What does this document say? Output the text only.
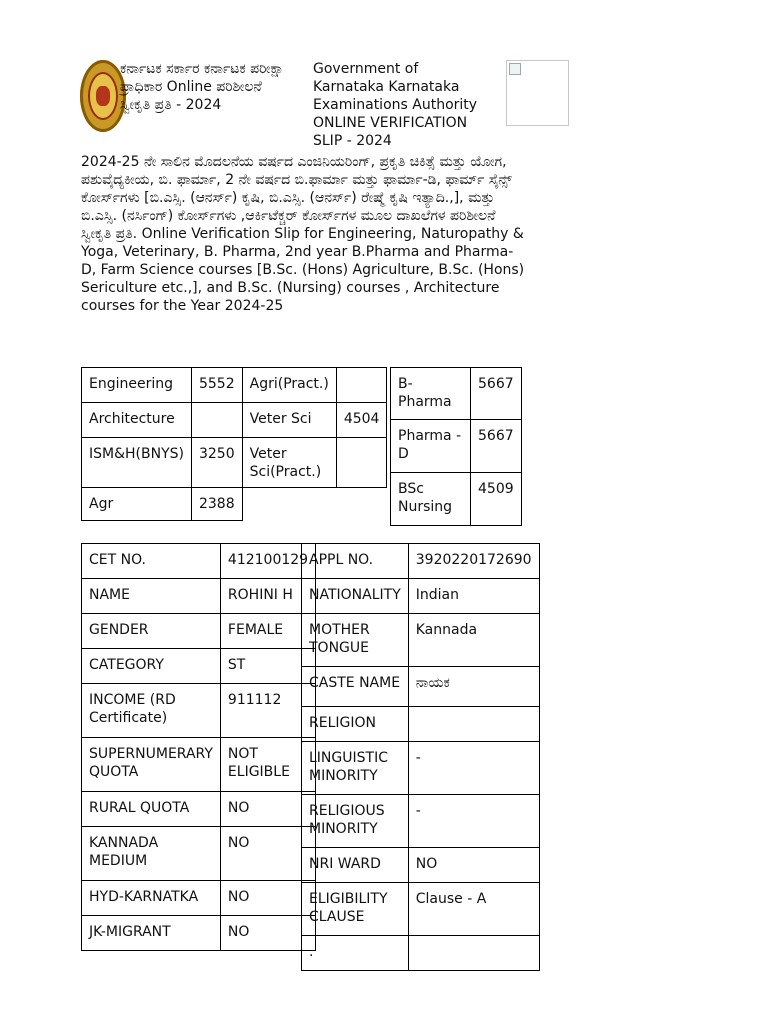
ಕರ್ನಾಟಕ ಸರ್ಕಾರ ಕರ್ನಾಟಕ ಪರೀಕ್ಷಾ ಪ್ರಾಧಿಕಾರ Online ಪರಿಶೀಲನೆ ಸ್ವೀಕೃತಿ ಪ್ರತಿ - 2024
Government of Karnataka Karnataka Examinations Authority ONLINE VERIFICATION SLIP - 2024
2024-25 ನೇ ಸಾಲಿನ ಮೊದಲನೆಯ ವರ್ಷದ ಎಂಜಿನಿಯರಿಂಗ್, ಪ್ರಕೃತಿ ಚಿಕಿತ್ಸೆ ಮತ್ತು ಯೋಗ, ಪಶುವೈದ್ಯಕೀಯ, ಬಿ. ಫಾರ್ಮಾ, 2 ನೇ ವರ್ಷದ ಬಿ.ಫಾರ್ಮಾ ಮತ್ತು ಫಾರ್ಮಾ-ಡಿ, ಫಾರ್ಮ್ ಸೈನ್ಸ್ ಕೋರ್ಸ್‌ಗಳು [ಬಿ.ಎಸ್ಸಿ. (ಆನರ್ಸ್) ಕೃಷಿ, ಬಿ.ಎಸ್ಸಿ. (ಆನರ್ಸ್) ರೇಷ್ಮೆ ಕೃಷಿ ಇತ್ಯಾದಿ.,], ಮತ್ತು ಬಿ.ಎಸ್ಸಿ. (ನರ್ಸಿಂಗ್) ಕೋರ್ಸ್‌ಗಳು ,ಆರ್ಕಿಟೆಕ್ಚರ್ ಕೋರ್ಸ್‌ಗಳ ಮೂಲ ದಾಖಲೆಗಳ ಪರಿಶೀಲನೆ ಸ್ವೀಕೃತಿ ಪ್ರತಿ. Online Verification Slip for Engineering, Naturopathy & Yoga, Veterinary, B. Pharma, 2nd year B.Pharma and Pharma-D, Farm Science courses [B.Sc. (Hons) Agriculture, B.Sc. (Hons) Sericulture etc.,], and B.Sc. (Nursing) courses , Architecture courses for the Year 2024-25
Engineering	5552	Agri(Pract.)	
Architecture		Veter Sci	4504
ISM&H(BNYS)	3250	Veter Sci(Pract.)	
Agr	2388		
B-Pharma	5667
Pharma - D	5667
BSc Nursing	4509
CET NO.	412100129
NAME	ROHINI H
GENDER	FEMALE
CATEGORY	ST
INCOME (RD Certificate)	911112
SUPERNUMERARY QUOTA	NOT ELIGIBLE
RURAL QUOTA	NO
KANNADA MEDIUM	NO
HYD-KARNATKA	NO
JK-MIGRANT	NO
APPL NO.	3920220172690
NATIONALITY	Indian
MOTHER TONGUE	Kannada
CASTE NAME	ನಾಯಕ
RELIGION	
LINGUISTIC MINORITY	-
RELIGIOUS MINORITY	-
NRI WARD	NO
ELIGIBILITY CLAUSE	Clause - A
.	
